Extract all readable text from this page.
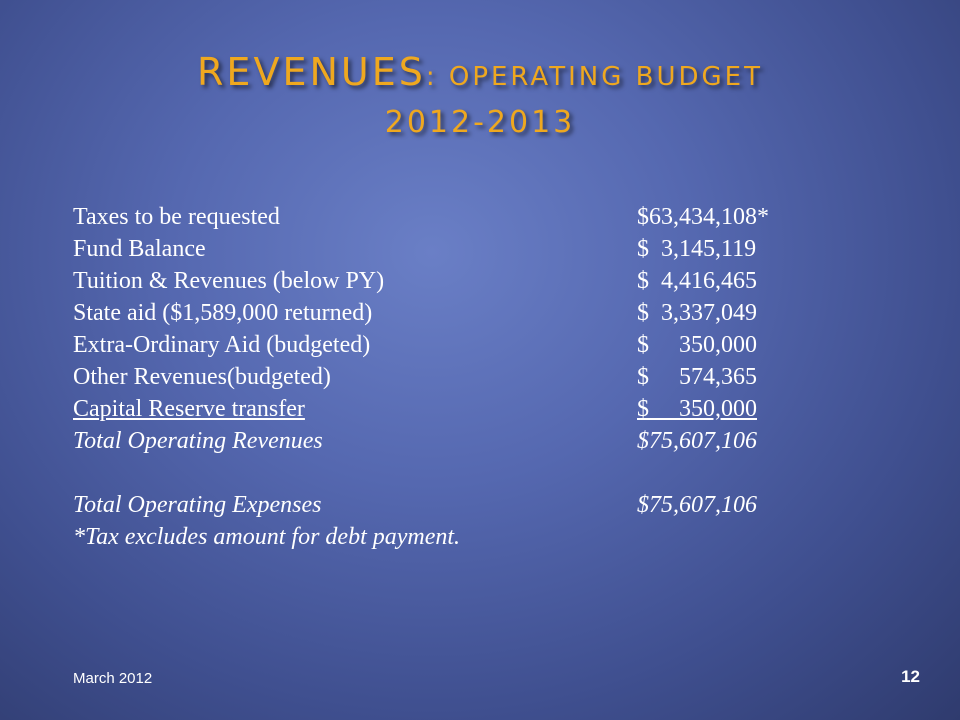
REVENUES: OPERATING BUDGET
2012-2013
Taxes to be requested	$63,434,108*
Fund Balance	$  3,145,119
Tuition & Revenues (below PY)	$  4,416,465
State aid ($1,589,000 returned)	$  3,337,049
Extra-Ordinary Aid (budgeted)	$     350,000
Other Revenues(budgeted)	$     574,365
Capital Reserve transfer	$     350,000
Total Operating Revenues	$75,607,106
Total Operating Expenses	$75,607,106
*Tax excludes amount for debt payment.
March 2012	12
